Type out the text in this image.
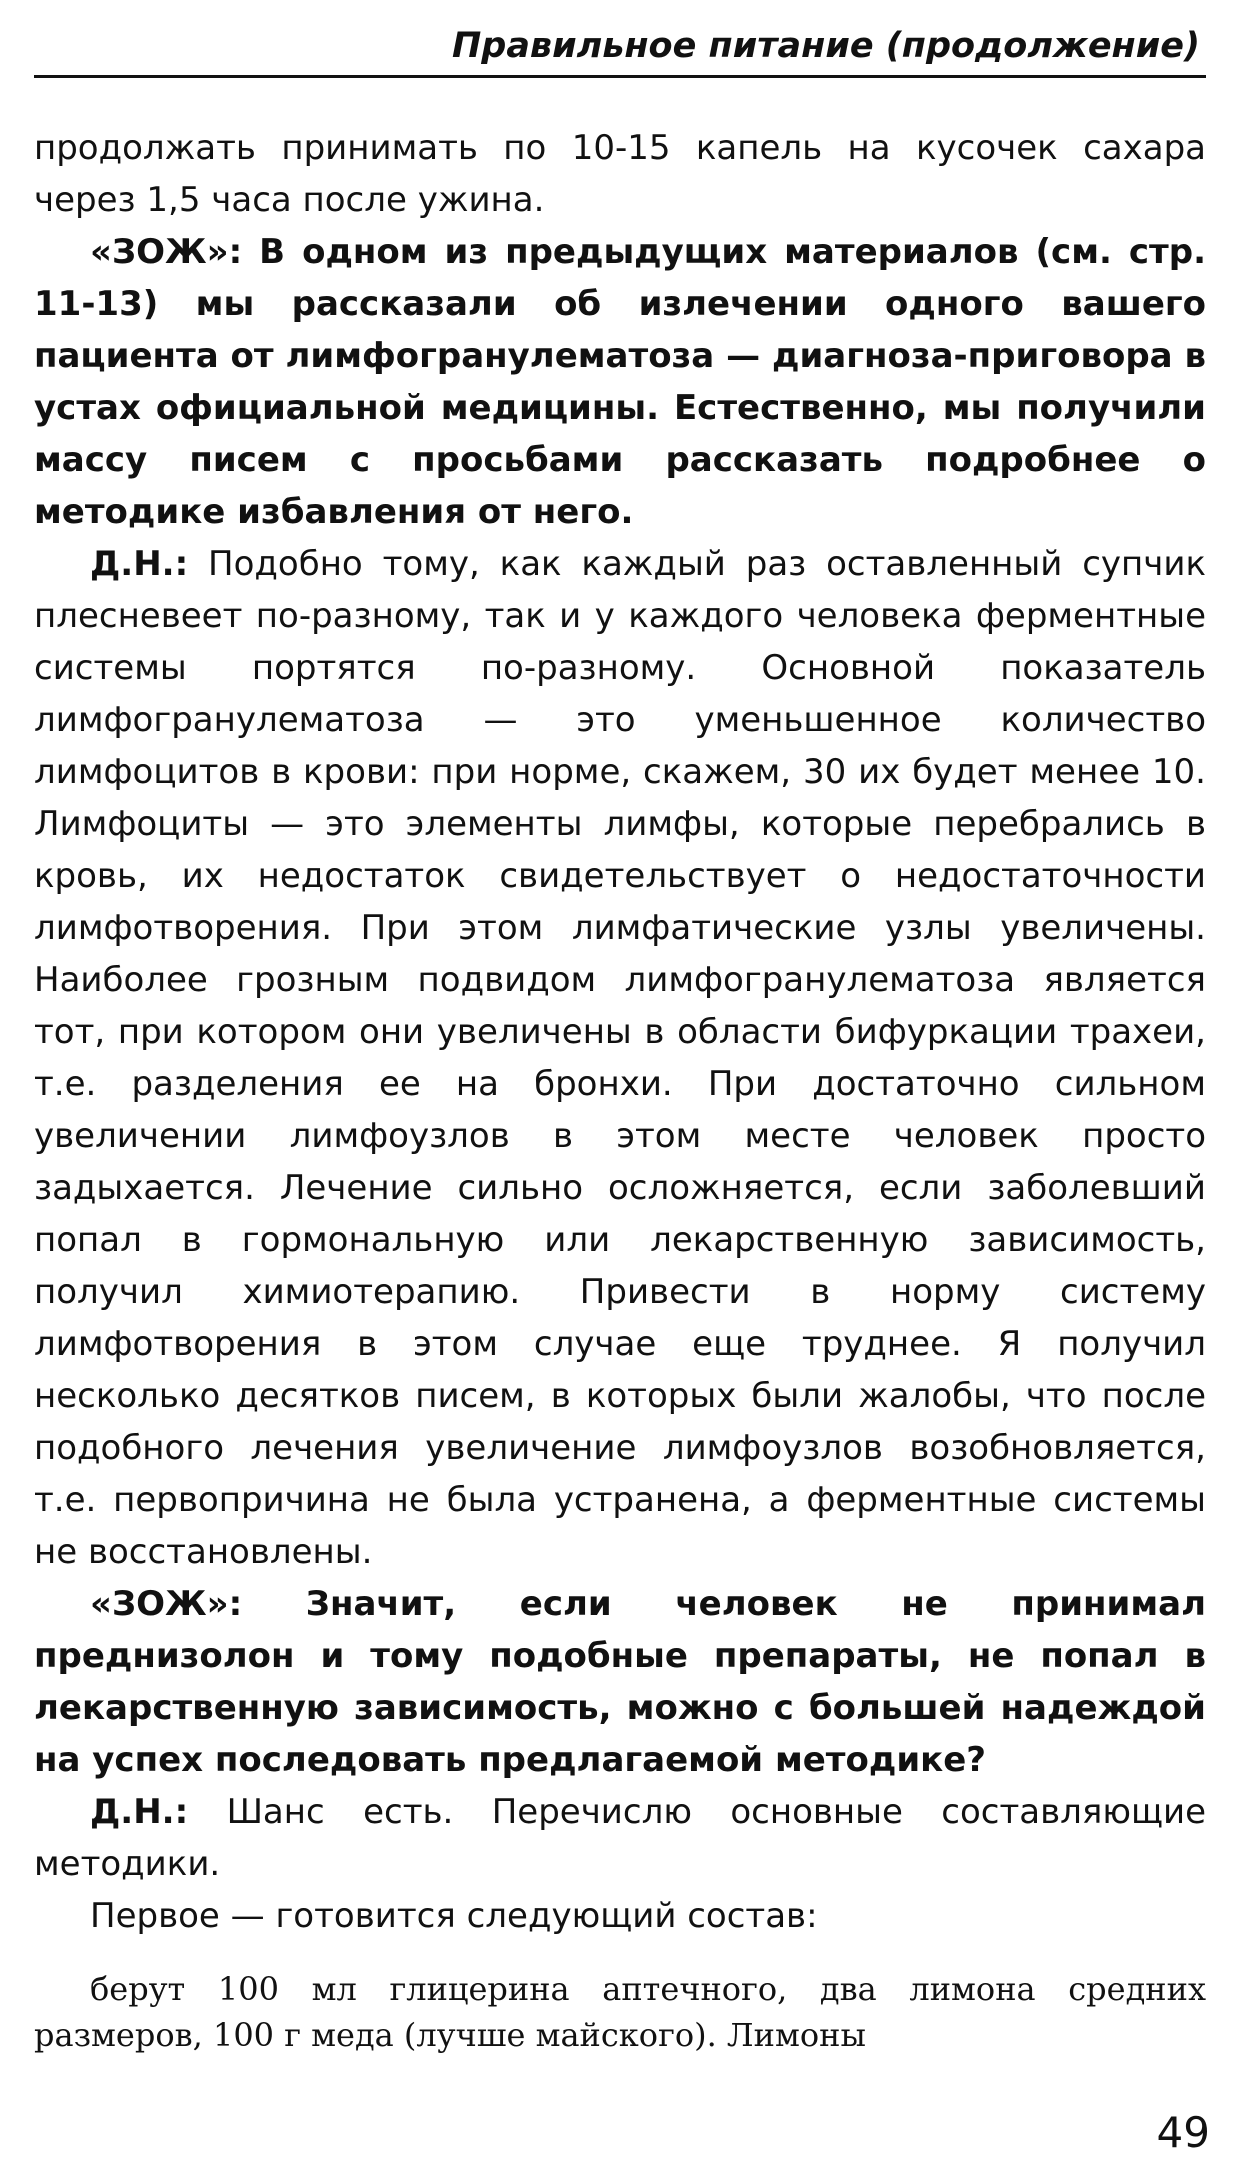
Правильное питание (продолжение)

продолжать принимать по 10-15 капель на кусочек сахара через 1,5 часа после ужина.

«ЗОЖ»: В одном из предыдущих материалов (см. стр. 11-13) мы рассказали об излечении одного вашего пациента от лимфогранулематоза — диагноза-приговора в устах официальной медицины. Естественно, мы получили массу писем с просьбами рассказать подробнее о методике избавления от него.

Д.Н.: Подобно тому, как каждый раз оставленный супчик плесневеет по-разному, так и у каждого человека ферментные системы портятся по-разному. Основной показатель лимфогранулематоза — это уменьшенное количество лимфоцитов в крови: при норме, скажем, 30 их будет менее 10. Лимфоциты — это элементы лимфы, которые перебрались в кровь, их недостаток свидетельствует о недостаточности лимфотворения. При этом лимфатические узлы увеличены. Наиболее грозным подвидом лимфогранулематоза является тот, при котором они увеличены в области бифуркации трахеи, т.е. разделения ее на бронхи. При достаточно сильном увеличении лимфоузлов в этом месте человек просто задыхается. Лечение сильно осложняется, если заболевший попал в гормональную или лекарственную зависимость, получил химиотерапию. Привести в норму систему лимфотворения в этом случае еще труднее. Я получил несколько десятков писем, в которых были жалобы, что после подобного лечения увеличение лимфоузлов возобновляется, т.е. первопричина не была устранена, а ферментные системы не восстановлены.

«ЗОЖ»: Значит, если человек не принимал преднизолон и тому подобные препараты, не попал в лекарственную зависимость, можно с большей надеждой на успех последовать предлагаемой методике?

Д.Н.: Шанс есть. Перечислю основные составляющие методики.

Первое — готовится следующий состав:

берут 100 мл глицерина аптечного, два лимона средних размеров, 100 г меда (лучше майского). Лимоны

49
